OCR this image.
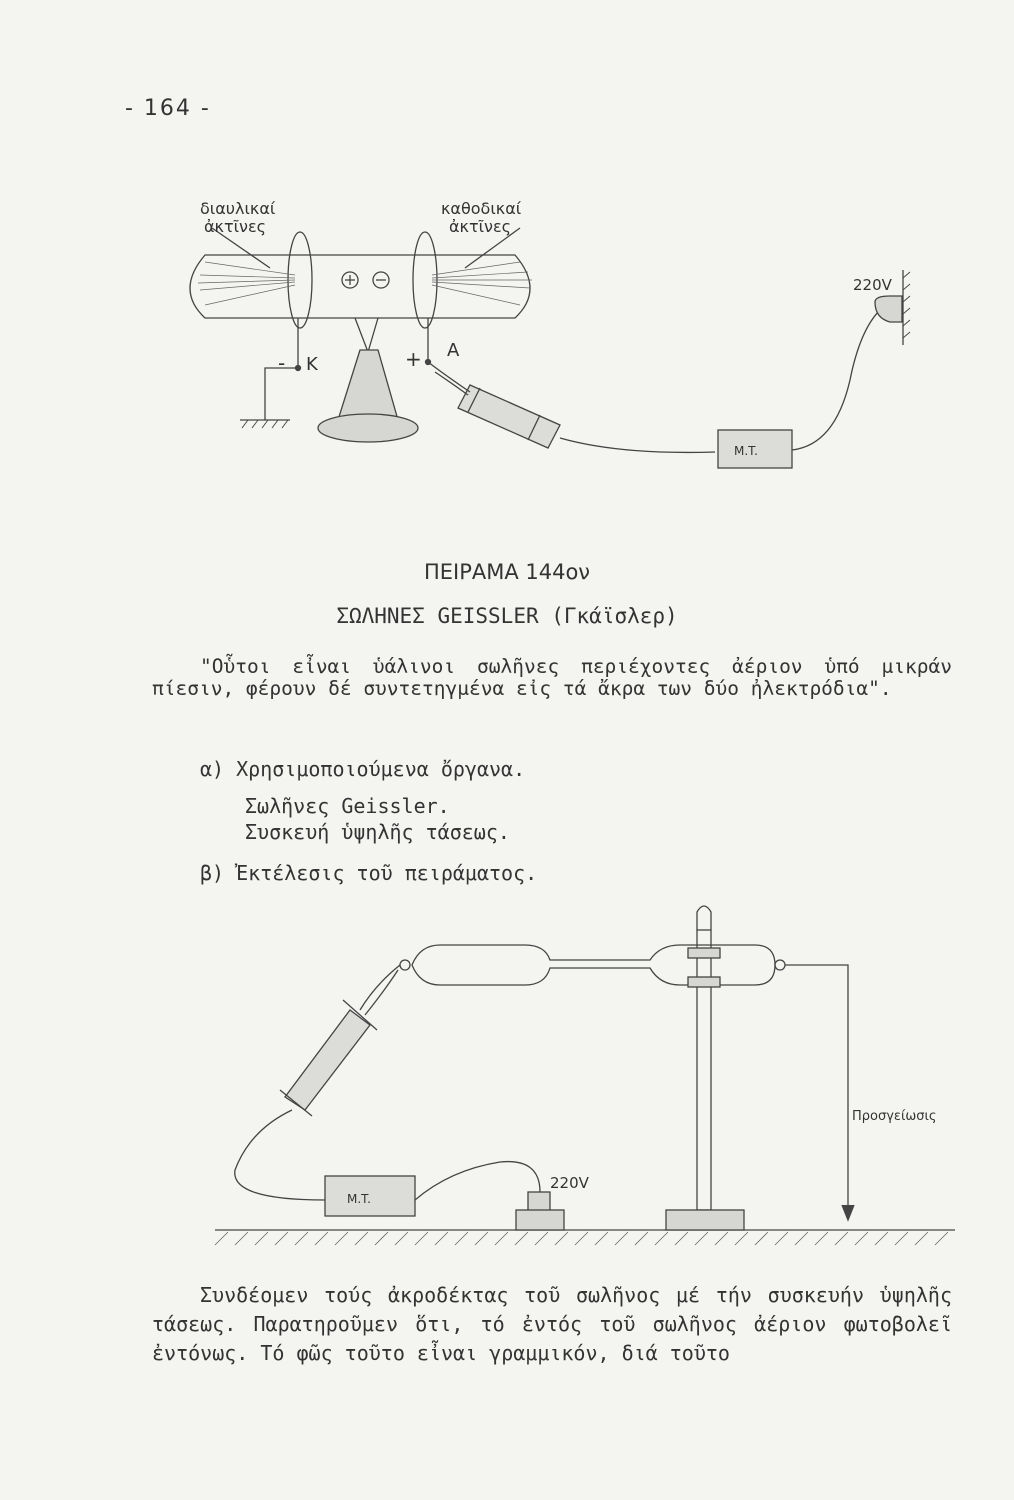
- 164 -
διαυλικαί
ἀκτῖνες
καθοδικαί
ἀκτῖνες
- K	+ A
220V
M.T.
ΠΕΙΡΑΜΑ 144ον
ΣΩΛΗΝΕΣ GEISSLER (Γκάϊσλερ)
"Οὗτοι εἶναι ὑάλινοι σωλῆνες περιέχοντες ἀέριον ὑπό μικράν πίεσιν, φέρουν δέ συντετηγμένα εἰς τά ἄκρα των δύο ἠλεκτρόδια".
α) Χρησιμοποιούμενα ὄργανα.
Σωλῆνες Geissler.
Συσκευή ὑψηλῆς τάσεως.
β) Ἐκτέλεσις τοῦ πειράματος.
220V
M.T.
Προσγείωσις
Συνδέομεν τούς ἀκροδέκτας τοῦ σωλῆνος μέ τήν συσκευήν ὑψηλῆς τάσεως. Παρατηροῦμεν ὅτι, τό ἐντός τοῦ σωλῆνος ἀέριον φωτοβολεῖ ἐντόνως. Τό φῶς τοῦτο εἶναι γραμμικόν, διά τοῦτο
